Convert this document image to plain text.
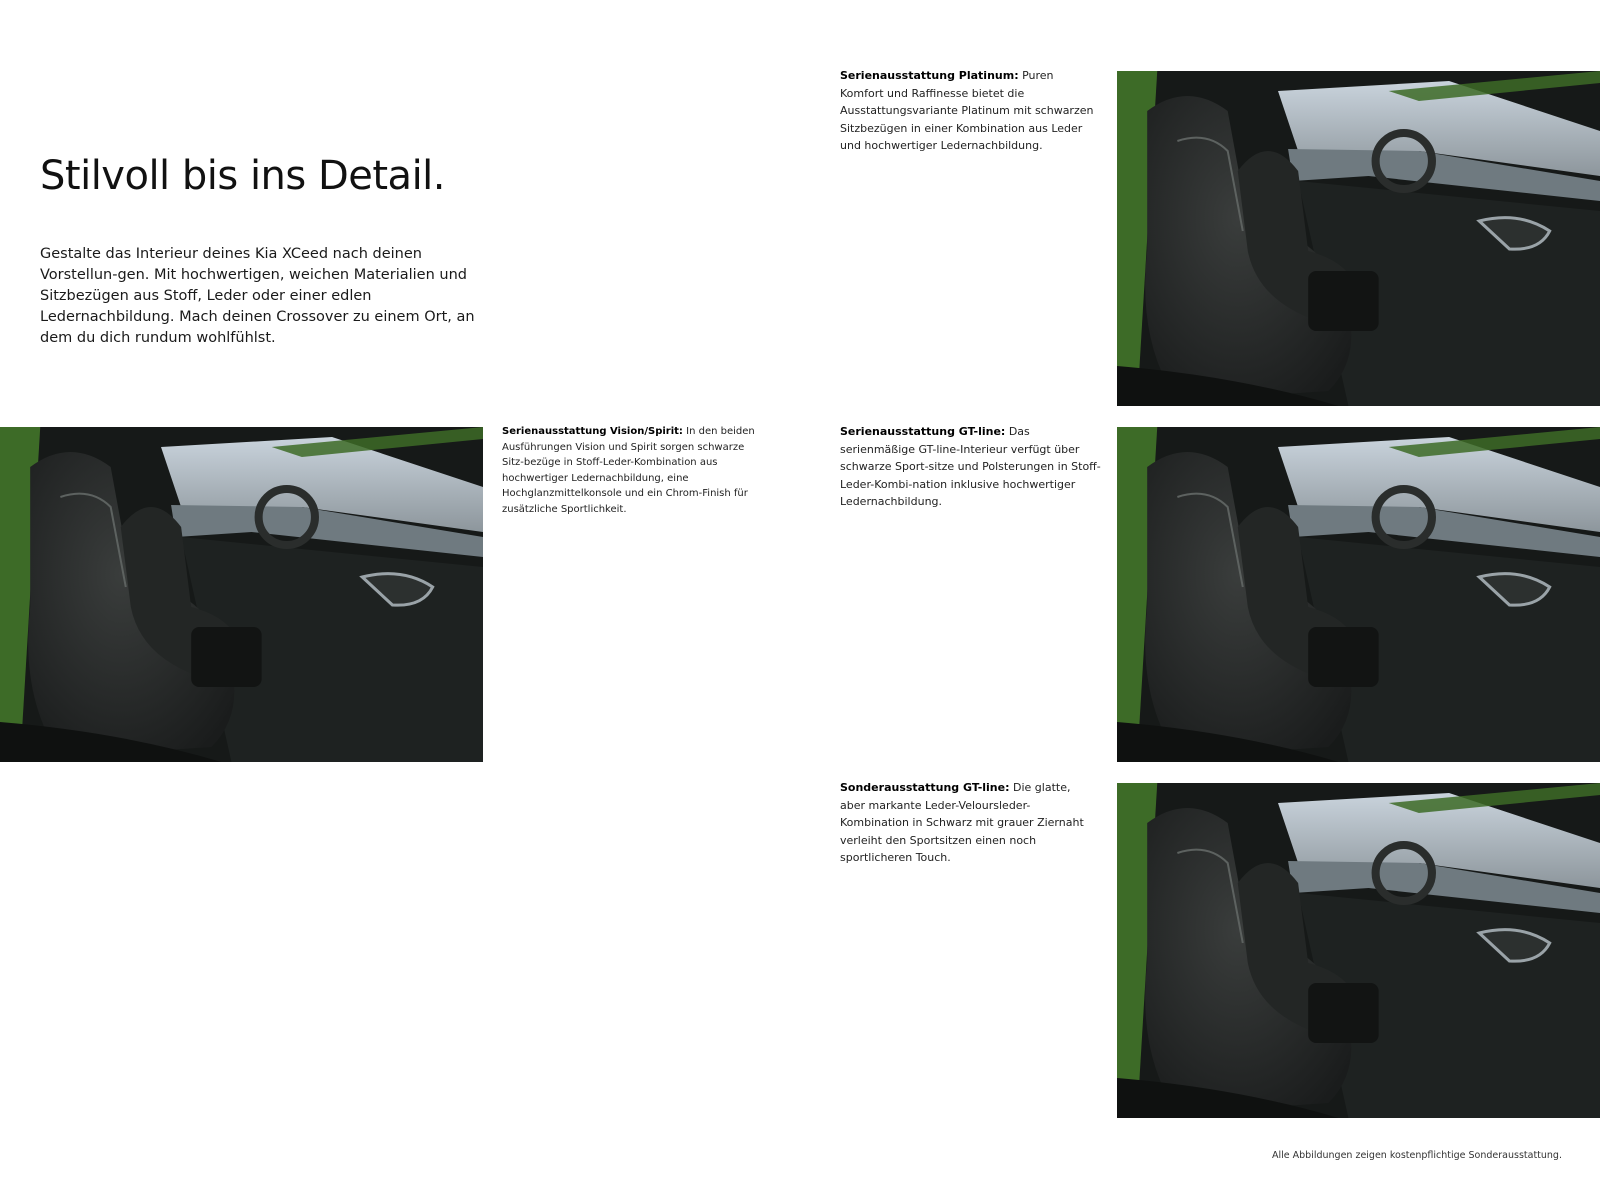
Stilvoll bis ins Detail.

Gestalte das Interieur deines Kia XCeed nach deinen Vorstellun-gen. Mit hochwertigen, weichen Materialien und Sitzbezügen aus Stoff, Leder oder einer edlen Ledernachbildung. Mach deinen Crossover zu einem Ort, an dem du dich rundum wohlfühlst.

Serienausstattung Platinum: Puren Komfort und Raffinesse bietet die Ausstattungsvariante Platinum mit schwarzen Sitzbezügen in einer Kombination aus Leder und hochwertiger Ledernachbildung.

Serienausstattung Vision/Spirit: In den beiden Ausführungen Vision und Spirit sorgen schwarze Sitz-bezüge in Stoff-Leder-Kombination aus hochwertiger Ledernachbildung, eine Hochglanzmittelkonsole und ein Chrom-Finish für zusätzliche Sportlichkeit.

Serienausstattung GT-line: Das serienmäßige GT-line-Interieur verfügt über schwarze Sport-sitze und Polsterungen in Stoff-Leder-Kombi-nation inklusive hochwertiger Ledernachbildung.

Sonderausstattung GT-line: Die glatte, aber markante Leder-Veloursleder-Kombination in Schwarz mit grauer Ziernaht verleiht den Sportsitzen einen noch sportlicheren Touch.

Alle Abbildungen zeigen kostenpflichtige Sonderausstattung.
